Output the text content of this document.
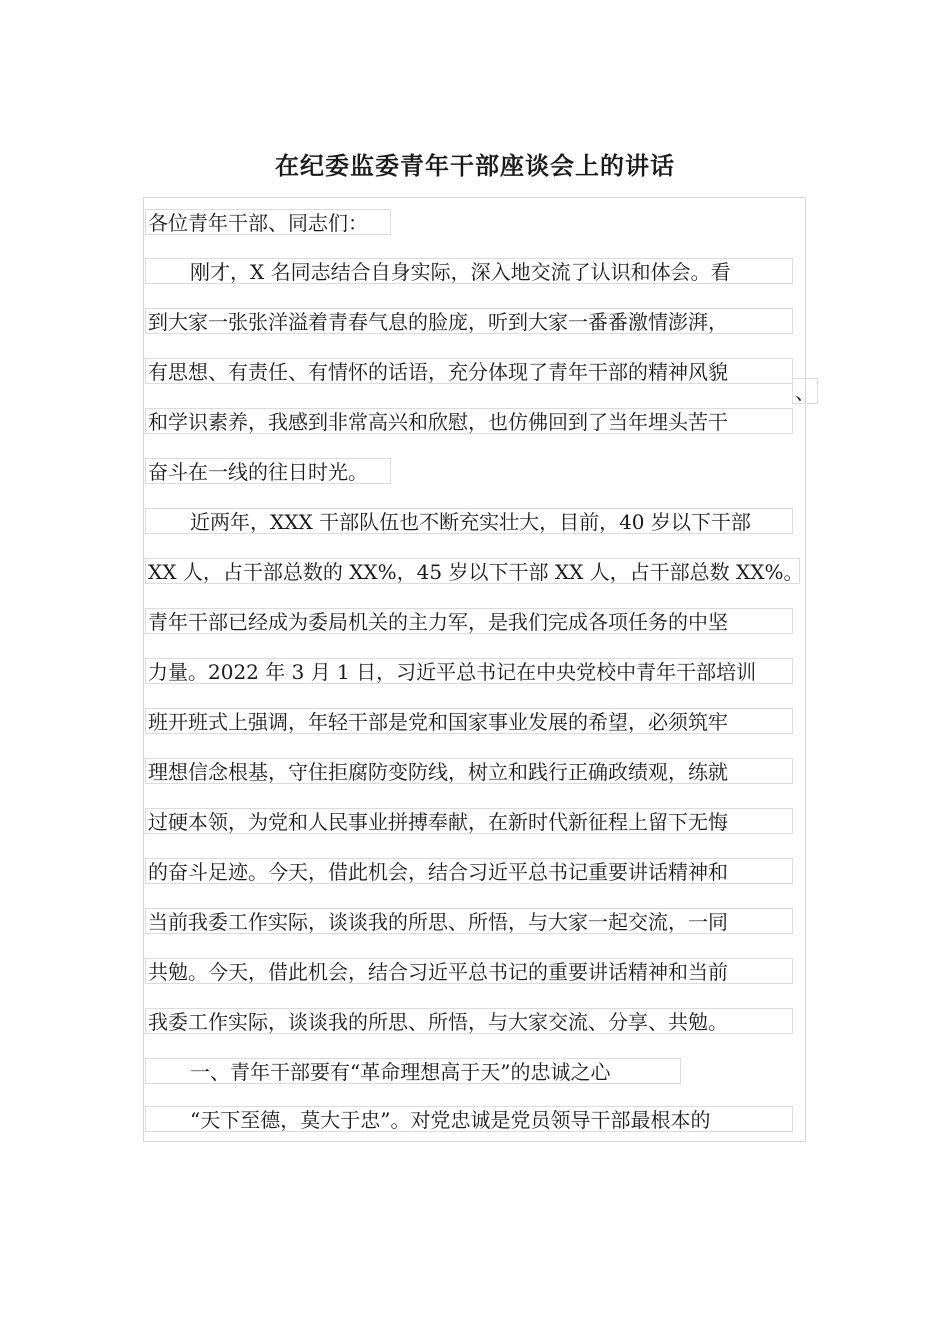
在纪委监委青年干部座谈会上的讲话
各位青年干部、同志们：
刚才，X 名同志结合自身实际，深入地交流了认识和体会。看
到大家一张张洋溢着青春气息的脸庞，听到大家一番番激情澎湃，
有思想、有责任、有情怀的话语，充分体现了青年干部的精神风貌
和学识素养，我感到非常高兴和欣慰，也仿佛回到了当年埋头苦干
、
奋斗在一线的往日时光。
近两年，XXX 干部队伍也不断充实壮大，目前，40 岁以下干部
XX 人，占干部总数的 XX%，45 岁以下干部 XX 人，占干部总数 XX%。
青年干部已经成为委局机关的主力军，是我们完成各项任务的中坚
力量。2022 年 3 月 1 日，习近平总书记在中央党校中青年干部培训
班开班式上强调，年轻干部是党和国家事业发展的希望，必须筑牢
理想信念根基，守住拒腐防变防线，树立和践行正确政绩观，练就
过硬本领，为党和人民事业拼搏奉献，在新时代新征程上留下无悔
的奋斗足迹。今天，借此机会，结合习近平总书记重要讲话精神和
当前我委工作实际，谈谈我的所思、所悟，与大家一起交流，一同
共勉。今天，借此机会，结合习近平总书记的重要讲话精神和当前
我委工作实际，谈谈我的所思、所悟，与大家交流、分享、共勉。
一、青年干部要有“革命理想高于天”的忠诚之心
“天下至德，莫大于忠”。对党忠诚是党员领导干部最根本的
